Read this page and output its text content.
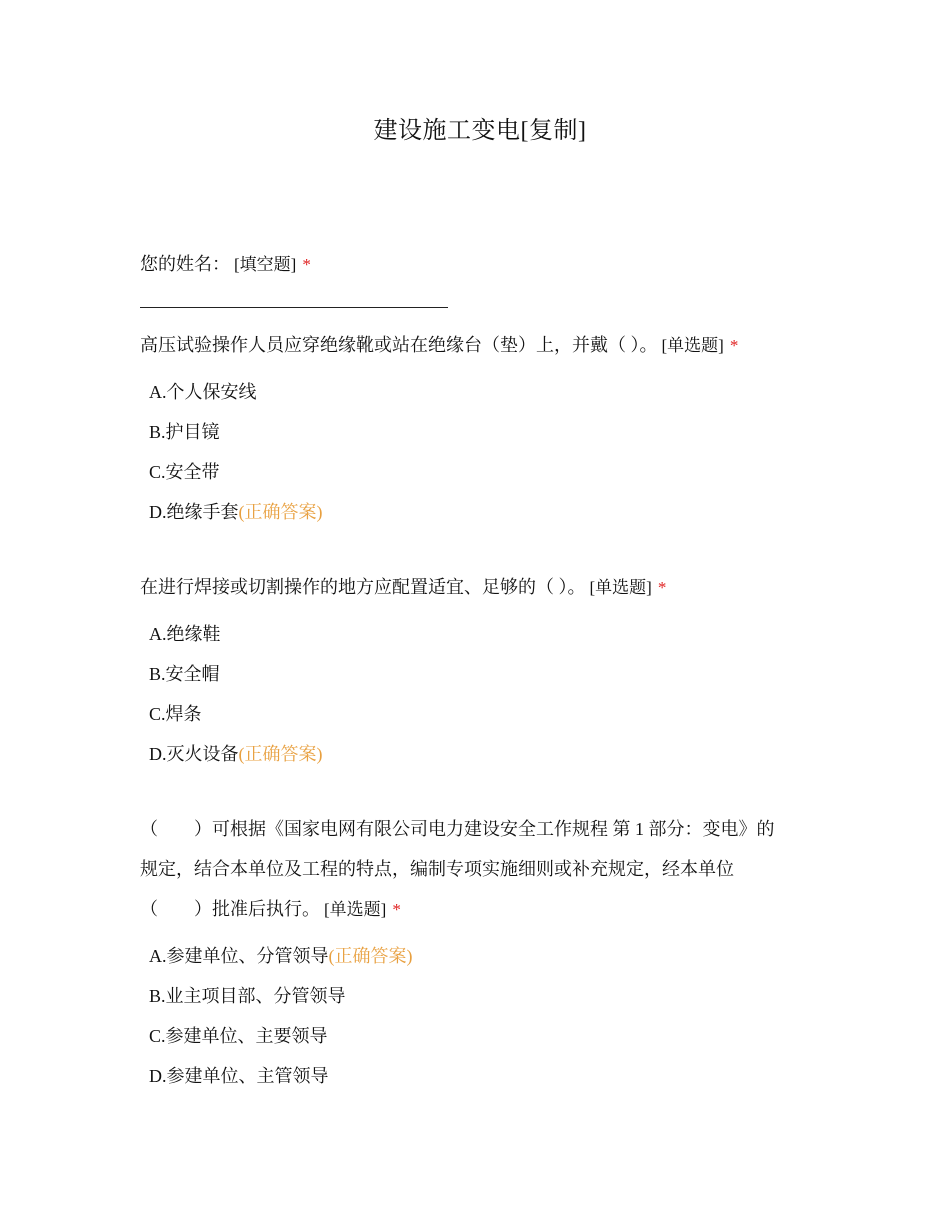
建设施工变电[复制]
您的姓名： [填空题] *
高压试验操作人员应穿绝缘靴或站在绝缘台（垫）上，并戴（ ）。 [单选题] *
A.个人保安线
B.护目镜
C.安全带
D.绝缘手套(正确答案)
在进行焊接或切割操作的地方应配置适宜、足够的（ ）。 [单选题] *
A.绝缘鞋
B.安全帽
C.焊条
D.灭火设备(正确答案)
（　　）可根据《国家电网有限公司电力建设安全工作规程 第 1 部分：变电》的
规定，结合本单位及工程的特点，编制专项实施细则或补充规定，经本单位
（　　）批准后执行。 [单选题] *
A.参建单位、分管领导(正确答案)
B.业主项目部、分管领导
C.参建单位、主要领导
D.参建单位、主管领导
